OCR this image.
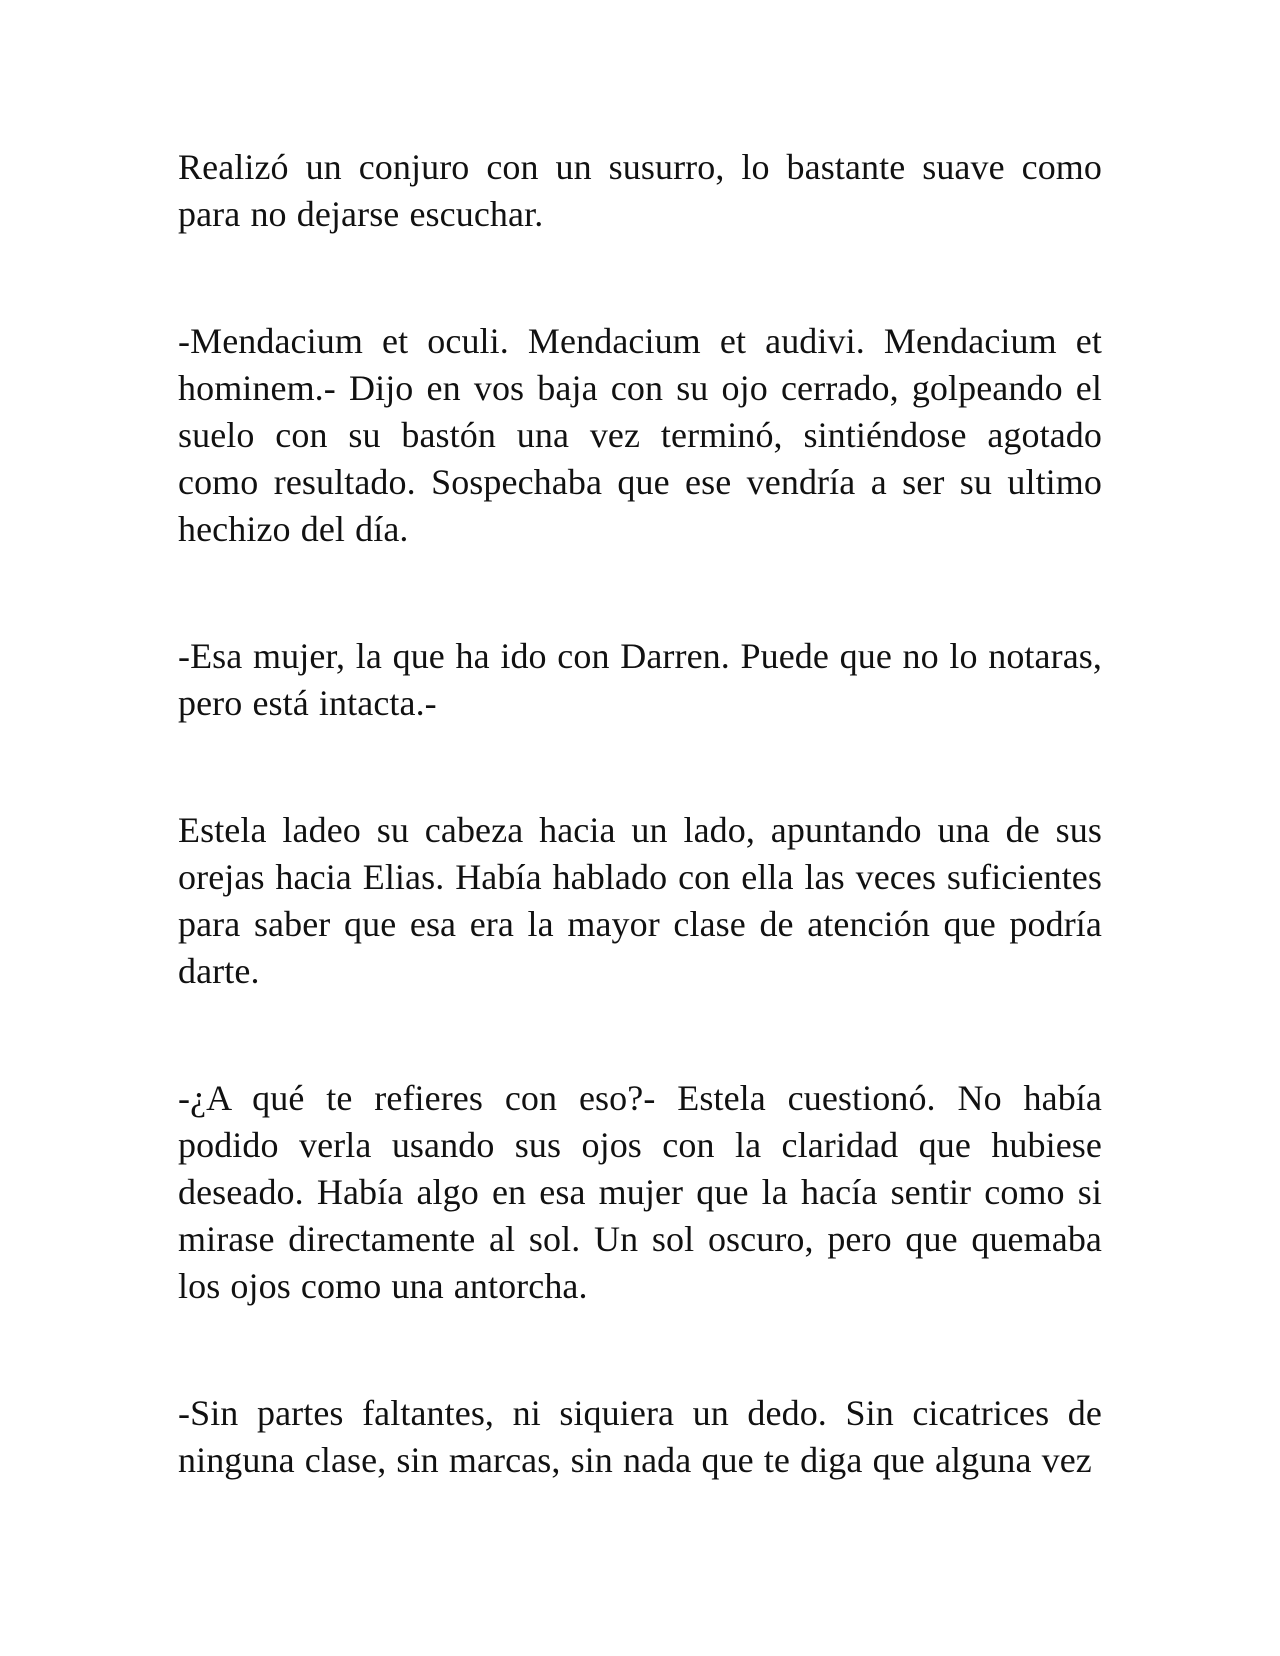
Realizó un conjuro con un susurro, lo bastante suave como para no dejarse escuchar.

-Mendacium et oculi. Mendacium et audivi. Mendacium et hominem.- Dijo en vos baja con su ojo cerrado, golpeando el suelo con su bastón una vez terminó, sintiéndose agotado como resultado. Sospechaba que ese vendría a ser su ultimo hechizo del día.

-Esa mujer, la que ha ido con Darren. Puede que no lo notaras, pero está intacta.-

Estela ladeo su cabeza hacia un lado, apuntando una de sus orejas hacia Elias. Había hablado con ella las veces suficientes para saber que esa era la mayor clase de atención que podría darte.

-¿A qué te refieres con eso?- Estela cuestionó. No había podido verla usando sus ojos con la claridad que hubiese deseado. Había algo en esa mujer que la hacía sentir como si mirase directamente al sol. Un sol oscuro, pero que quemaba los ojos como una antorcha.

-Sin partes faltantes, ni siquiera un dedo. Sin cicatrices de ninguna clase, sin marcas, sin nada que te diga que alguna vez
